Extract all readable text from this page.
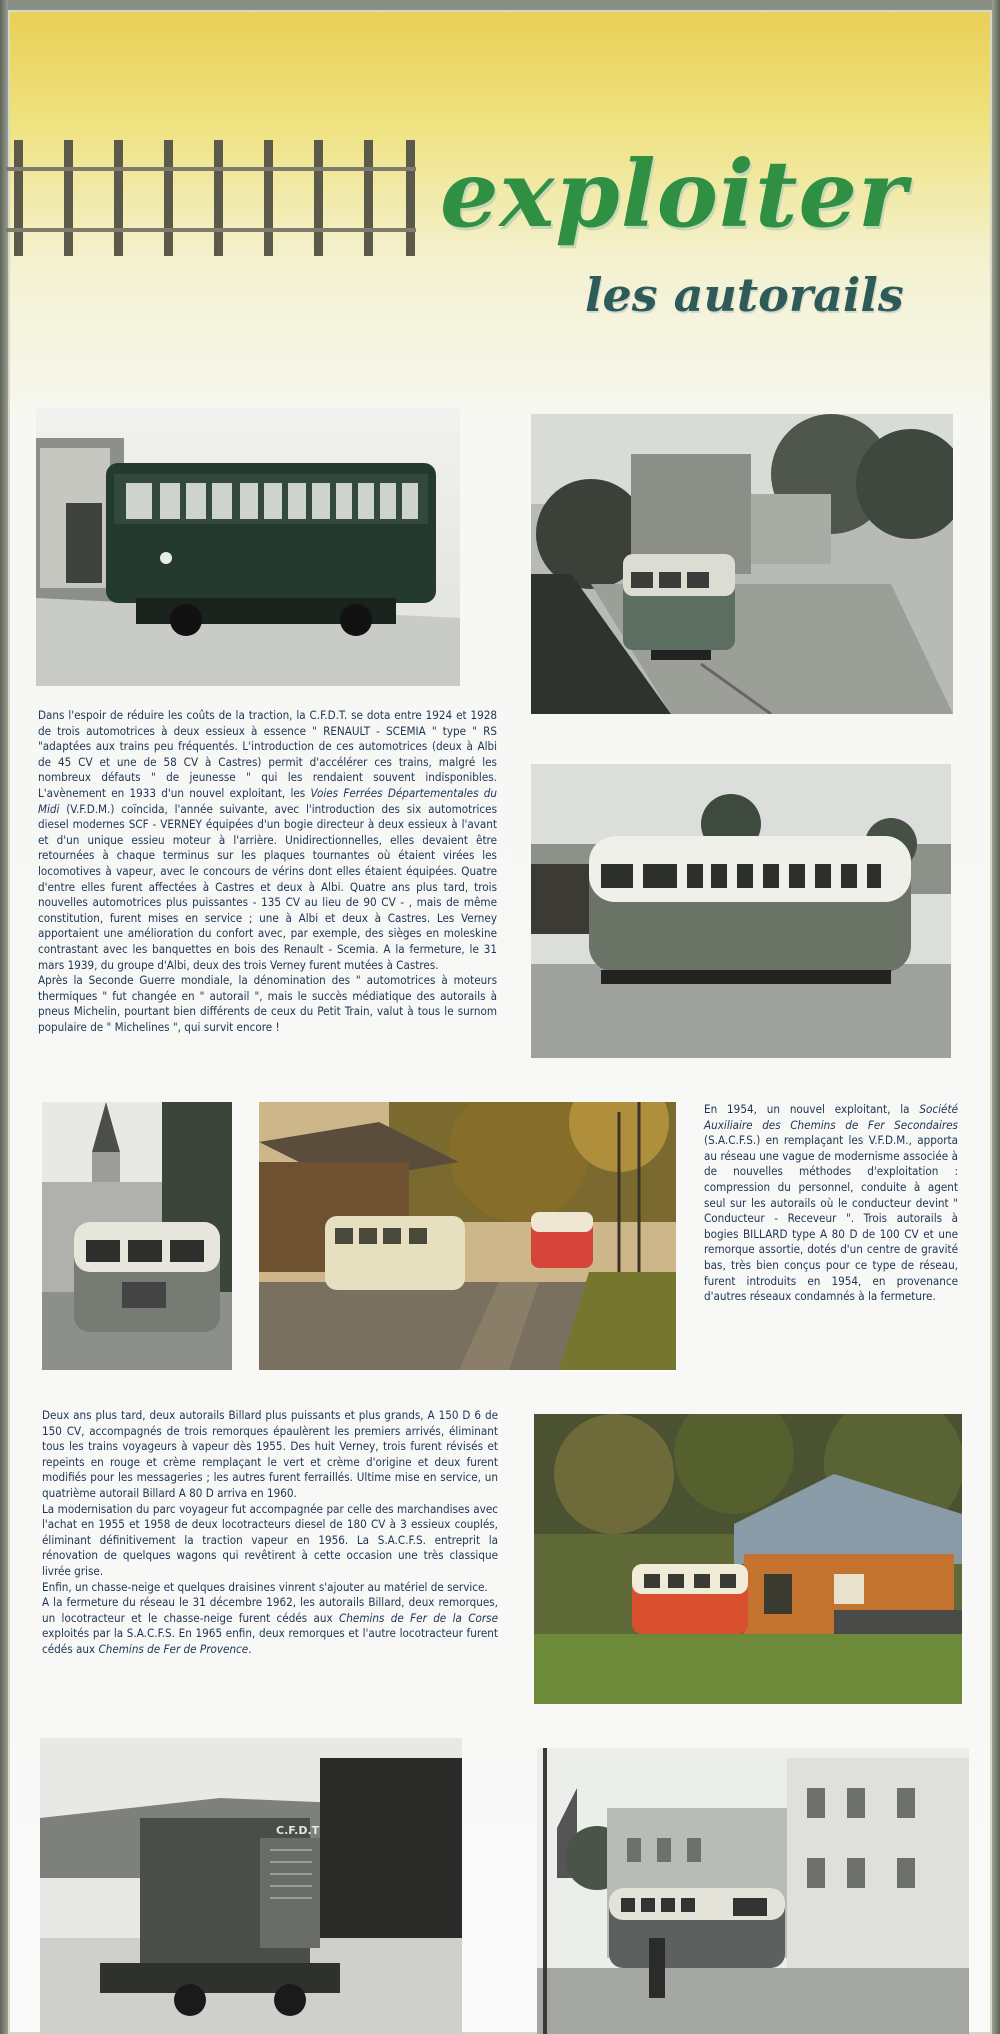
exploiter
les autorails

Dans l'espoir de réduire les coûts de la traction, la C.F.D.T. se dota entre 1924 et 1928 de trois automotrices à deux essieux à essence " RENAULT - SCEMIA " type " RS "adaptées aux trains peu fréquentés. L'introduction de ces automotrices (deux à Albi de 45 CV et une de 58 CV à Castres) permit d'accélérer ces trains, malgré les nombreux défauts " de jeunesse " qui les rendaient souvent indisponibles. L'avènement en 1933 d'un nouvel exploitant, les Voies Ferrées Départementales du Midi (V.F.D.M.) coïncida, l'année suivante, avec l'introduction des six automotrices diesel modernes SCF - VERNEY équipées d'un bogie directeur à deux essieux à l'avant et d'un unique essieu moteur à l'arrière. Unidirectionnelles, elles devaient être retournées à chaque terminus sur les plaques tournantes où étaient virées les locomotives à vapeur, avec le concours de vérins dont elles étaient équipées. Quatre d'entre elles furent affectées à Castres et deux à Albi. Quatre ans plus tard, trois nouvelles automotrices plus puissantes - 135 CV au lieu de 90 CV - , mais de même constitution, furent mises en service ; une à Albi et deux à Castres. Les Verney apportaient une amélioration du confort avec, par exemple, des sièges en moleskine contrastant avec les banquettes en bois des Renault - Scemia. A la fermeture, le 31 mars 1939, du groupe d'Albi, deux des trois Verney furent mutées à Castres.

Après la Seconde Guerre mondiale, la dénomination des " automotrices à moteurs thermiques " fut changée en " autorail ", mais le succès médiatique des autorails à pneus Michelin, pourtant bien différents de ceux du Petit Train, valut à tous le surnom populaire de " Michelines ", qui survit encore !

En 1954, un nouvel exploitant, la Société Auxiliaire des Chemins de Fer Secondaires (S.A.C.F.S.) en remplaçant les V.F.D.M., apporta au réseau une vague de modernisme associée à de nouvelles méthodes d'exploitation : compression du personnel, conduite à agent seul sur les autorails où le conducteur devint " Conducteur - Receveur ". Trois autorails à bogies BILLARD type A 80 D de 100 CV et une remorque assortie, dotés d'un centre de gravité bas, très bien conçus pour ce type de réseau, furent introduits en 1954, en provenance d'autres réseaux condamnés à la fermeture.

Deux ans plus tard, deux autorails Billard plus puissants et plus grands, A 150 D 6 de 150 CV, accompagnés de trois remorques épaulèrent les premiers arrivés, éliminant tous les trains voyageurs à vapeur dès 1955. Des huit Verney, trois furent révisés et repeints en rouge et crème remplaçant le vert et crème d'origine et deux furent modifiés pour les messageries ; les autres furent ferraillés. Ultime mise en service, un quatrième autorail Billard A 80 D arriva en 1960.

La modernisation du parc voyageur fut accompagnée par celle des marchandises avec l'achat en 1955 et 1958 de deux locotracteurs diesel de 180 CV à 3 essieux couplés, éliminant définitivement la traction vapeur en 1956. La S.A.C.F.S. entreprit la rénovation de quelques wagons qui revêtirent à cette occasion une très classique livrée grise.

Enfin, un chasse-neige et quelques draisines vinrent s'ajouter au matériel de service.

A la fermeture du réseau le 31 décembre 1962, les autorails Billard, deux remorques, un locotracteur et le chasse-neige furent cédés aux Chemins de Fer de la Corse exploités par la S.A.C.F.S. En 1965 enfin, deux remorques et l'autre locotracteur furent cédés aux Chemins de Fer de Provence.

C.F.D.T
